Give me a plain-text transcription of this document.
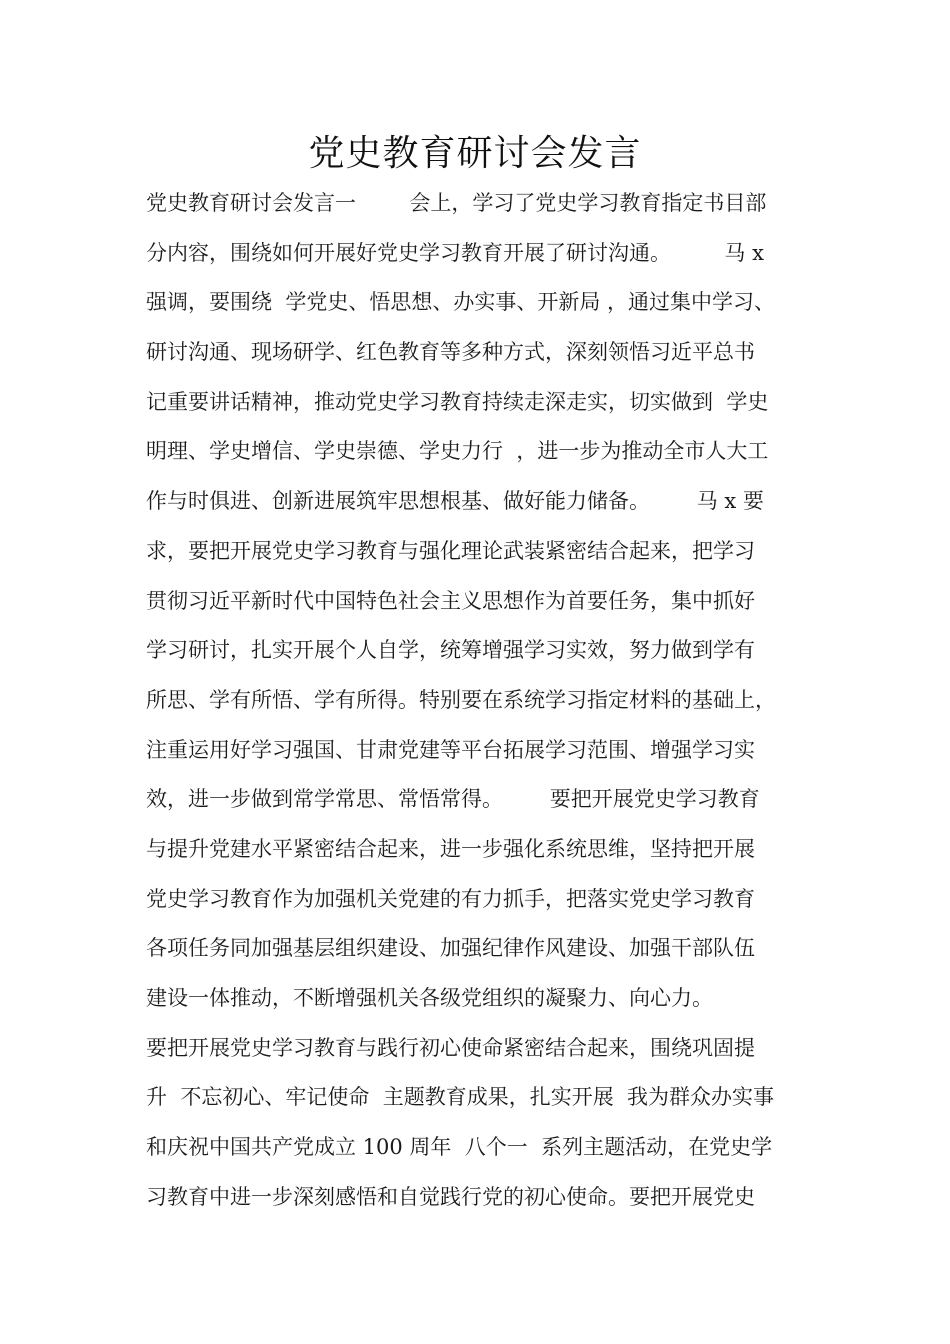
党史教育研讨会发言
党史教育研讨会发言一        会上，学习了党史学习教育指定书目部
分内容，围绕如何开展好党史学习教育开展了研讨沟通。        马 x
强调，要围绕  学党史、悟思想、办实事、开新局 ，通过集中学习、
研讨沟通、现场研学、红色教育等多种方式，深刻领悟习近平总书
记重要讲话精神，推动党史学习教育持续走深走实，切实做到  学史
明理、学史增信、学史崇德、学史力行  ，进一步为推动全市人大工
作与时俱进、创新进展筑牢思想根基、做好能力储备。       马 x 要
求，要把开展党史学习教育与强化理论武装紧密结合起来，把学习
贯彻习近平新时代中国特色社会主义思想作为首要任务，集中抓好
学习研讨，扎实开展个人自学，统筹增强学习实效，努力做到学有
所思、学有所悟、学有所得。特别要在系统学习指定材料的基础上，
注重运用好学习强国、甘肃党建等平台拓展学习范围、增强学习实
效，进一步做到常学常思、常悟常得。       要把开展党史学习教育
与提升党建水平紧密结合起来，进一步强化系统思维，坚持把开展
党史学习教育作为加强机关党建的有力抓手，把落实党史学习教育
各项任务同加强基层组织建设、加强纪律作风建设、加强干部队伍
建设一体推动，不断增强机关各级党组织的凝聚力、向心力。
要把开展党史学习教育与践行初心使命紧密结合起来，围绕巩固提
升  不忘初心、牢记使命  主题教育成果，扎实开展  我为群众办实事
和庆祝中国共产党成立 100 周年  八个一  系列主题活动，在党史学
习教育中进一步深刻感悟和自觉践行党的初心使命。要把开展党史
